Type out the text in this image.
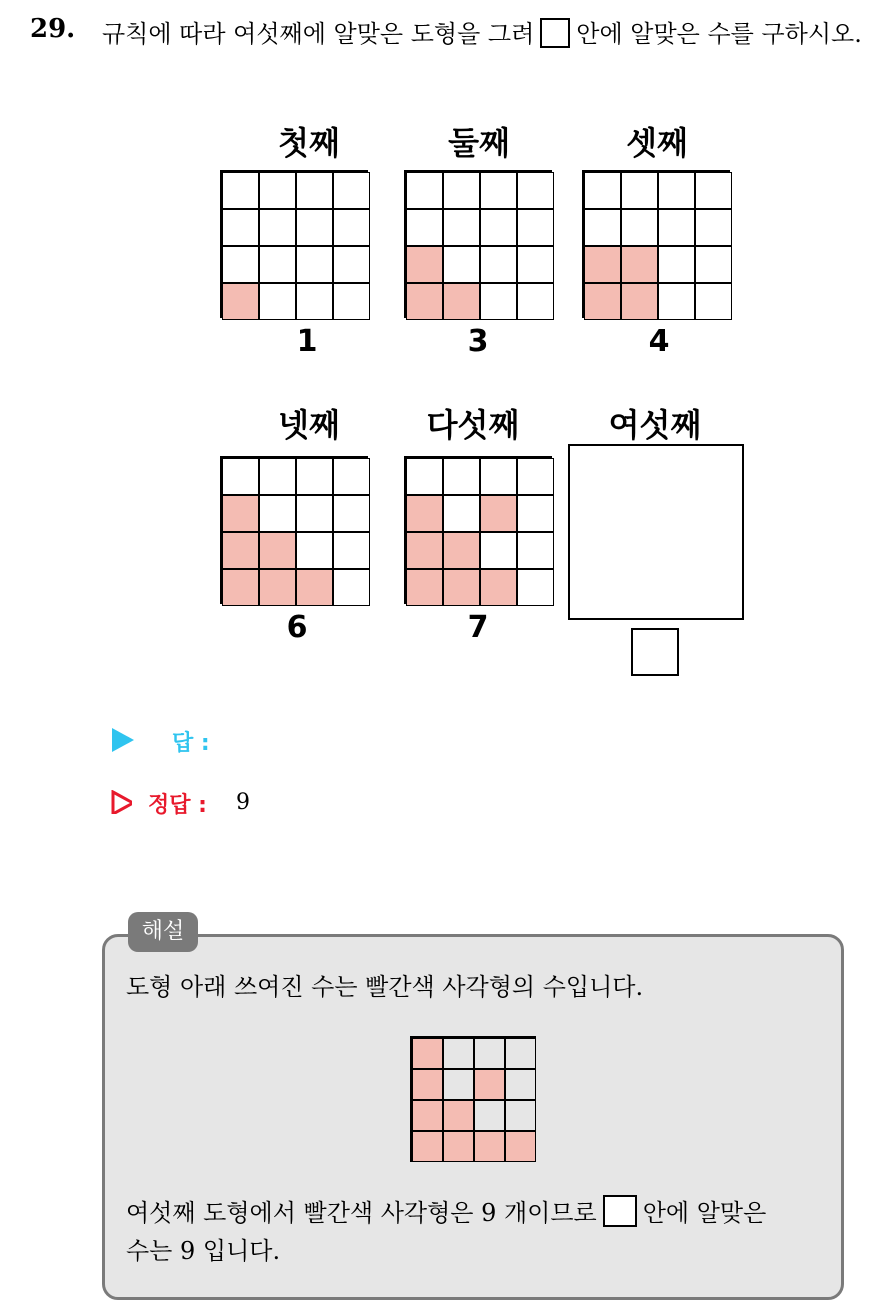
29. 규칙에 따라 여섯째에 알맞은 도형을 그려 안에 알맞은 수를 구하시오.
첫째	둘째	셋째
1	3	4
넷째	다섯째	여섯째
6	7
답 :
정답 : 9
해설
도형 아래 쓰여진 수는 빨간색 사각형의 수입니다.
여섯째 도형에서 빨간색 사각형은 9 개이므로 안에 알맞은
수는 9 입니다.
